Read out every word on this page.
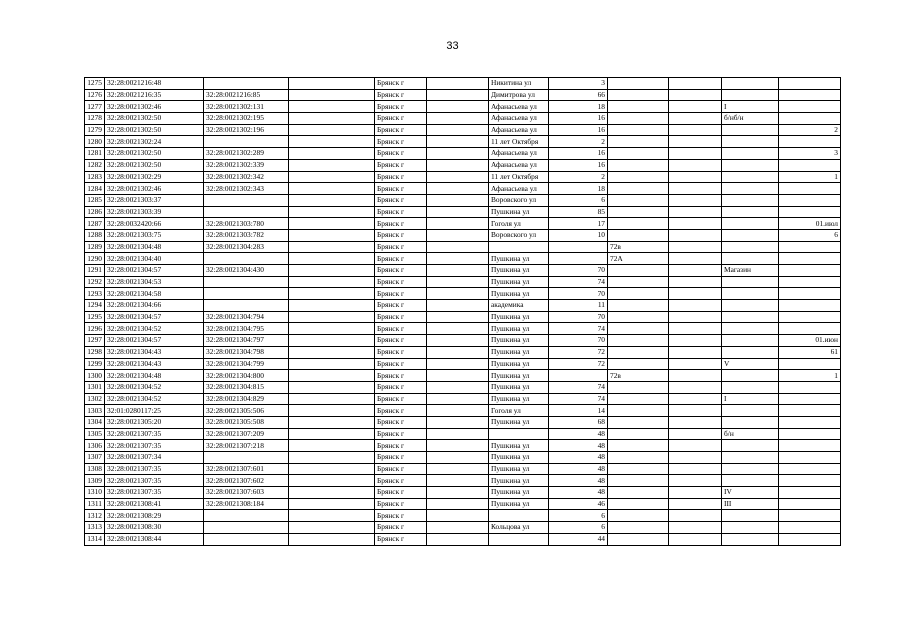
33
1275	32:28:0021216:48			Брянск г		Никитина ул	3				
1276	32:28:0021216:35	32:28:0021216:85		Брянск г		Димитрова ул	66				
1277	32:28:0021302:46	32:28:0021302:131		Брянск г		Афанасьева ул	18			I	
1278	32:28:0021302:50	32:28:0021302:195		Брянск г		Афанасьева ул	16			б/нб/н	
1279	32:28:0021302:50	32:28:0021302:196		Брянск г		Афанасьева ул	16				2
1280	32:28:0021302:24			Брянск г		11 лет Октября	2				
1281	32:28:0021302:50	32:28:0021302:289		Брянск г		Афанасьева ул	16				3
1282	32:28:0021302:50	32:28:0021302:339		Брянск г		Афанасьева ул	16				
1283	32:28:0021302:29	32:28:0021302:342		Брянск г		11 лет Октября	2				1
1284	32:28:0021302:46	32:28:0021302:343		Брянск г		Афанасьева ул	18				
1285	32:28:0021303:37			Брянск г		Воровского ул	6				
1286	32:28:0021303:39			Брянск г		Пушкина ул	85				
1287	32:28:0032420:66	32:28:0021303:780		Брянск г		Гоголя ул	17				01.июл
1288	32:28:0021303:75	32:28:0021303:782		Брянск г		Воровского ул	10				6
1289	32:28:0021304:48	32:28:0021304:283		Брянск г				72в			
1290	32:28:0021304:40			Брянск г		Пушкина ул		72А			
1291	32:28:0021304:57	32:28:0021304:430		Брянск г		Пушкина ул	70			Магазин	
1292	32:28:0021304:53			Брянск г		Пушкина ул	74				
1293	32:28:0021304:58			Брянск г		Пушкина ул	70				
1294	32:28:0021304:66			Брянск г		академика	11				
1295	32:28:0021304:57	32:28:0021304:794		Брянск г		Пушкина ул	70				
1296	32:28:0021304:52	32:28:0021304:795		Брянск г		Пушкина ул	74				
1297	32:28:0021304:57	32:28:0021304:797		Брянск г		Пушкина ул	70				01.июн
1298	32:28:0021304:43	32:28:0021304:798		Брянск г		Пушкина ул	72				61
1299	32:28:0021304:43	32:28:0021304:799		Брянск г		Пушкина ул	72			V	
1300	32:28:0021304:48	32:28:0021304:800		Брянск г		Пушкина ул		72в			1
1301	32:28:0021304:52	32:28:0021304:815		Брянск г		Пушкина ул	74				
1302	32:28:0021304:52	32:28:0021304:829		Брянск г		Пушкина ул	74			I	
1303	32:01:0280117:25	32:28:0021305:506		Брянск г		Гоголя ул	14				
1304	32:28:0021305:20	32:28:0021305:508		Брянск г		Пушкина ул	68				
1305	32:28:0021307:35	32:28:0021307:209		Брянск г			48			б/н	
1306	32:28:0021307:35	32:28:0021307:218		Брянск г		Пушкина ул	48				
1307	32:28:0021307:34			Брянск г		Пушкина ул	48				
1308	32:28:0021307:35	32:28:0021307:601		Брянск г		Пушкина ул	48				
1309	32:28:0021307:35	32:28:0021307:602		Брянск г		Пушкина ул	48				
1310	32:28:0021307:35	32:28:0021307:603		Брянск г		Пушкина ул	48			IV	
1311	32:28:0021308:41	32:28:0021308:184		Брянск г		Пушкина ул	46			III	
1312	32:28:0021308:29			Брянск г			6				
1313	32:28:0021308:30			Брянск г		Кольцова ул	6				
1314	32:28:0021308:44			Брянск г			44				
